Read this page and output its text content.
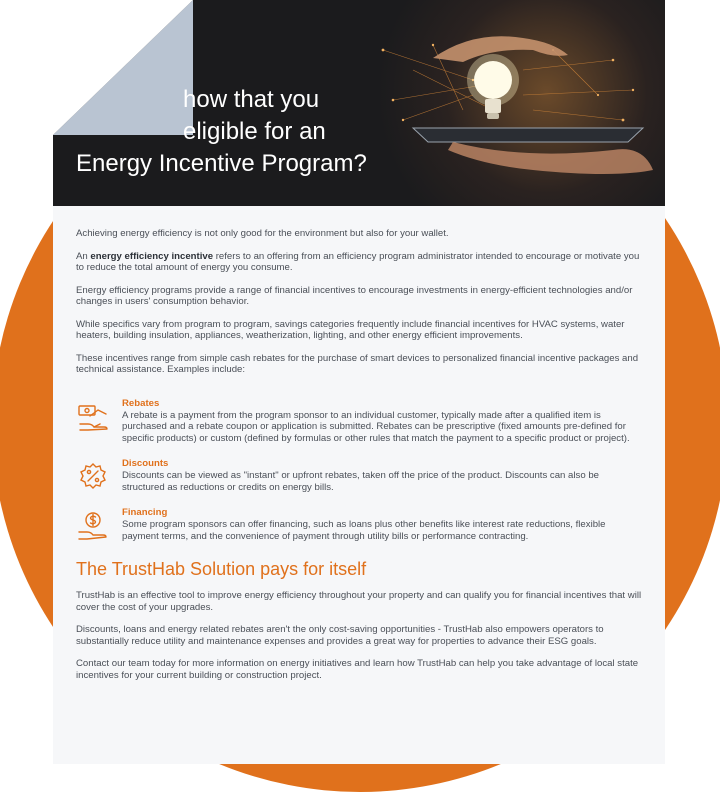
how that you
eligible for an
Energy Incentive Program?

Achieving energy efficiency is not only good for the environment but also for your wallet.

An energy efficiency incentive refers to an offering from an efficiency program administrator intended to encourage or motivate you to reduce the total amount of energy you consume.

Energy efficiency programs provide a range of financial incentives to encourage investments in energy-efficient technologies and/or changes in users' consumption behavior.

While specifics vary from program to program, savings categories frequently include financial incentives for HVAC systems, water heaters, building insulation, appliances, weatherization, lighting, and other energy efficient improvements.

These incentives range from simple cash rebates for the purchase of smart devices to personalized financial incentive packages and technical assistance. Examples include:

Rebates
A rebate is a payment from the program sponsor to an individual customer, typically made after a qualified item is purchased and a rebate coupon or application is submitted. Rebates can be prescriptive (fixed amounts pre-defined for specific products) or custom (defined by formulas or other rules that match the payment to a specific product or project).
Discounts
Discounts can be viewed as "instant" or upfront rebates, taken off the price of the product. Discounts can also be structured as reductions or credits on energy bills.
Financing
Some program sponsors can offer financing, such as loans plus other benefits like interest rate reductions, flexible payment terms, and the convenience of payment through utility bills or performance contracting.
The TrustHab Solution pays for itself

TrustHab is an effective tool to improve energy efficiency throughout your property and can qualify you for financial incentives that will cover the cost of your upgrades.

Discounts, loans and energy related rebates aren't the only cost-saving opportunities - TrustHab also empowers operators to substantially reduce utility and maintenance expenses and provides a great way for properties to advance their ESG goals.

Contact our team today for more information on energy initiatives and learn how TrustHab can help you take advantage of local state incentives for your current building or construction project.
